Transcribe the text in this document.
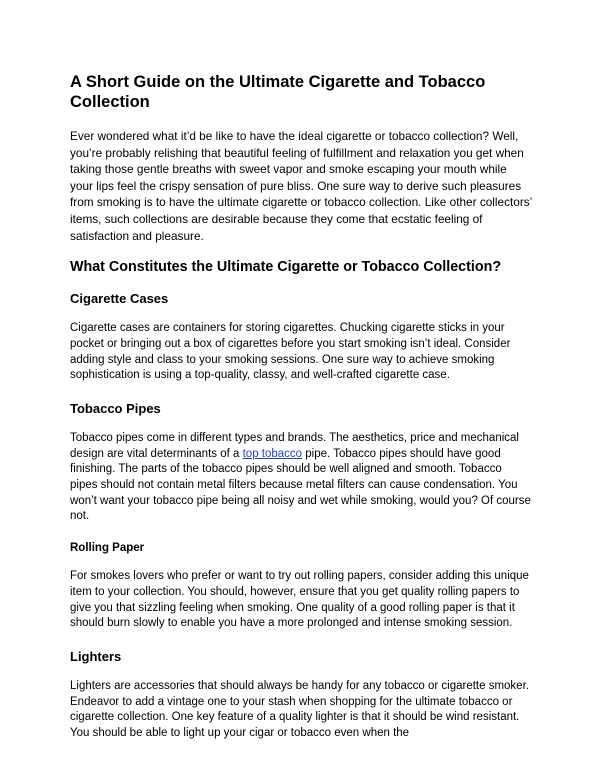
A Short Guide on the Ultimate Cigarette and Tobacco Collection

Ever wondered what it’d be like to have the ideal cigarette or tobacco collection? Well, you’re probably relishing that beautiful feeling of fulfillment and relaxation you get when taking those gentle breaths with sweet vapor and smoke escaping your mouth while your lips feel the crispy sensation of pure bliss. One sure way to derive such pleasures from smoking is to have the ultimate cigarette or tobacco collection. Like other collectors’ items, such collections are desirable because they come that ecstatic feeling of satisfaction and pleasure.

What Constitutes the Ultimate Cigarette or Tobacco Collection?
Cigarette Cases

Cigarette cases are containers for storing cigarettes. Chucking cigarette sticks in your pocket or bringing out a box of cigarettes before you start smoking isn’t ideal. Consider adding style and class to your smoking sessions. One sure way to achieve smoking sophistication is using a top-quality, classy, and well-crafted cigarette case.

Tobacco Pipes

Tobacco pipes come in different types and brands. The aesthetics, price and mechanical design are vital determinants of a top tobacco pipe. Tobacco pipes should have good finishing. The parts of the tobacco pipes should be well aligned and smooth. Tobacco pipes should not contain metal filters because metal filters can cause condensation. You won’t want your tobacco pipe being all noisy and wet while smoking, would you? Of course not.

Rolling Paper

For smokes lovers who prefer or want to try out rolling papers, consider adding this unique item to your collection. You should, however, ensure that you get quality rolling papers to give you that sizzling feeling when smoking. One quality of a good rolling paper is that it should burn slowly to enable you have a more prolonged and intense smoking session.

Lighters

Lighters are accessories that should always be handy for any tobacco or cigarette smoker. Endeavor to add a vintage one to your stash when shopping for the ultimate tobacco or cigarette collection. One key feature of a quality lighter is that it should be wind resistant. You should be able to light up your cigar or tobacco even when the
